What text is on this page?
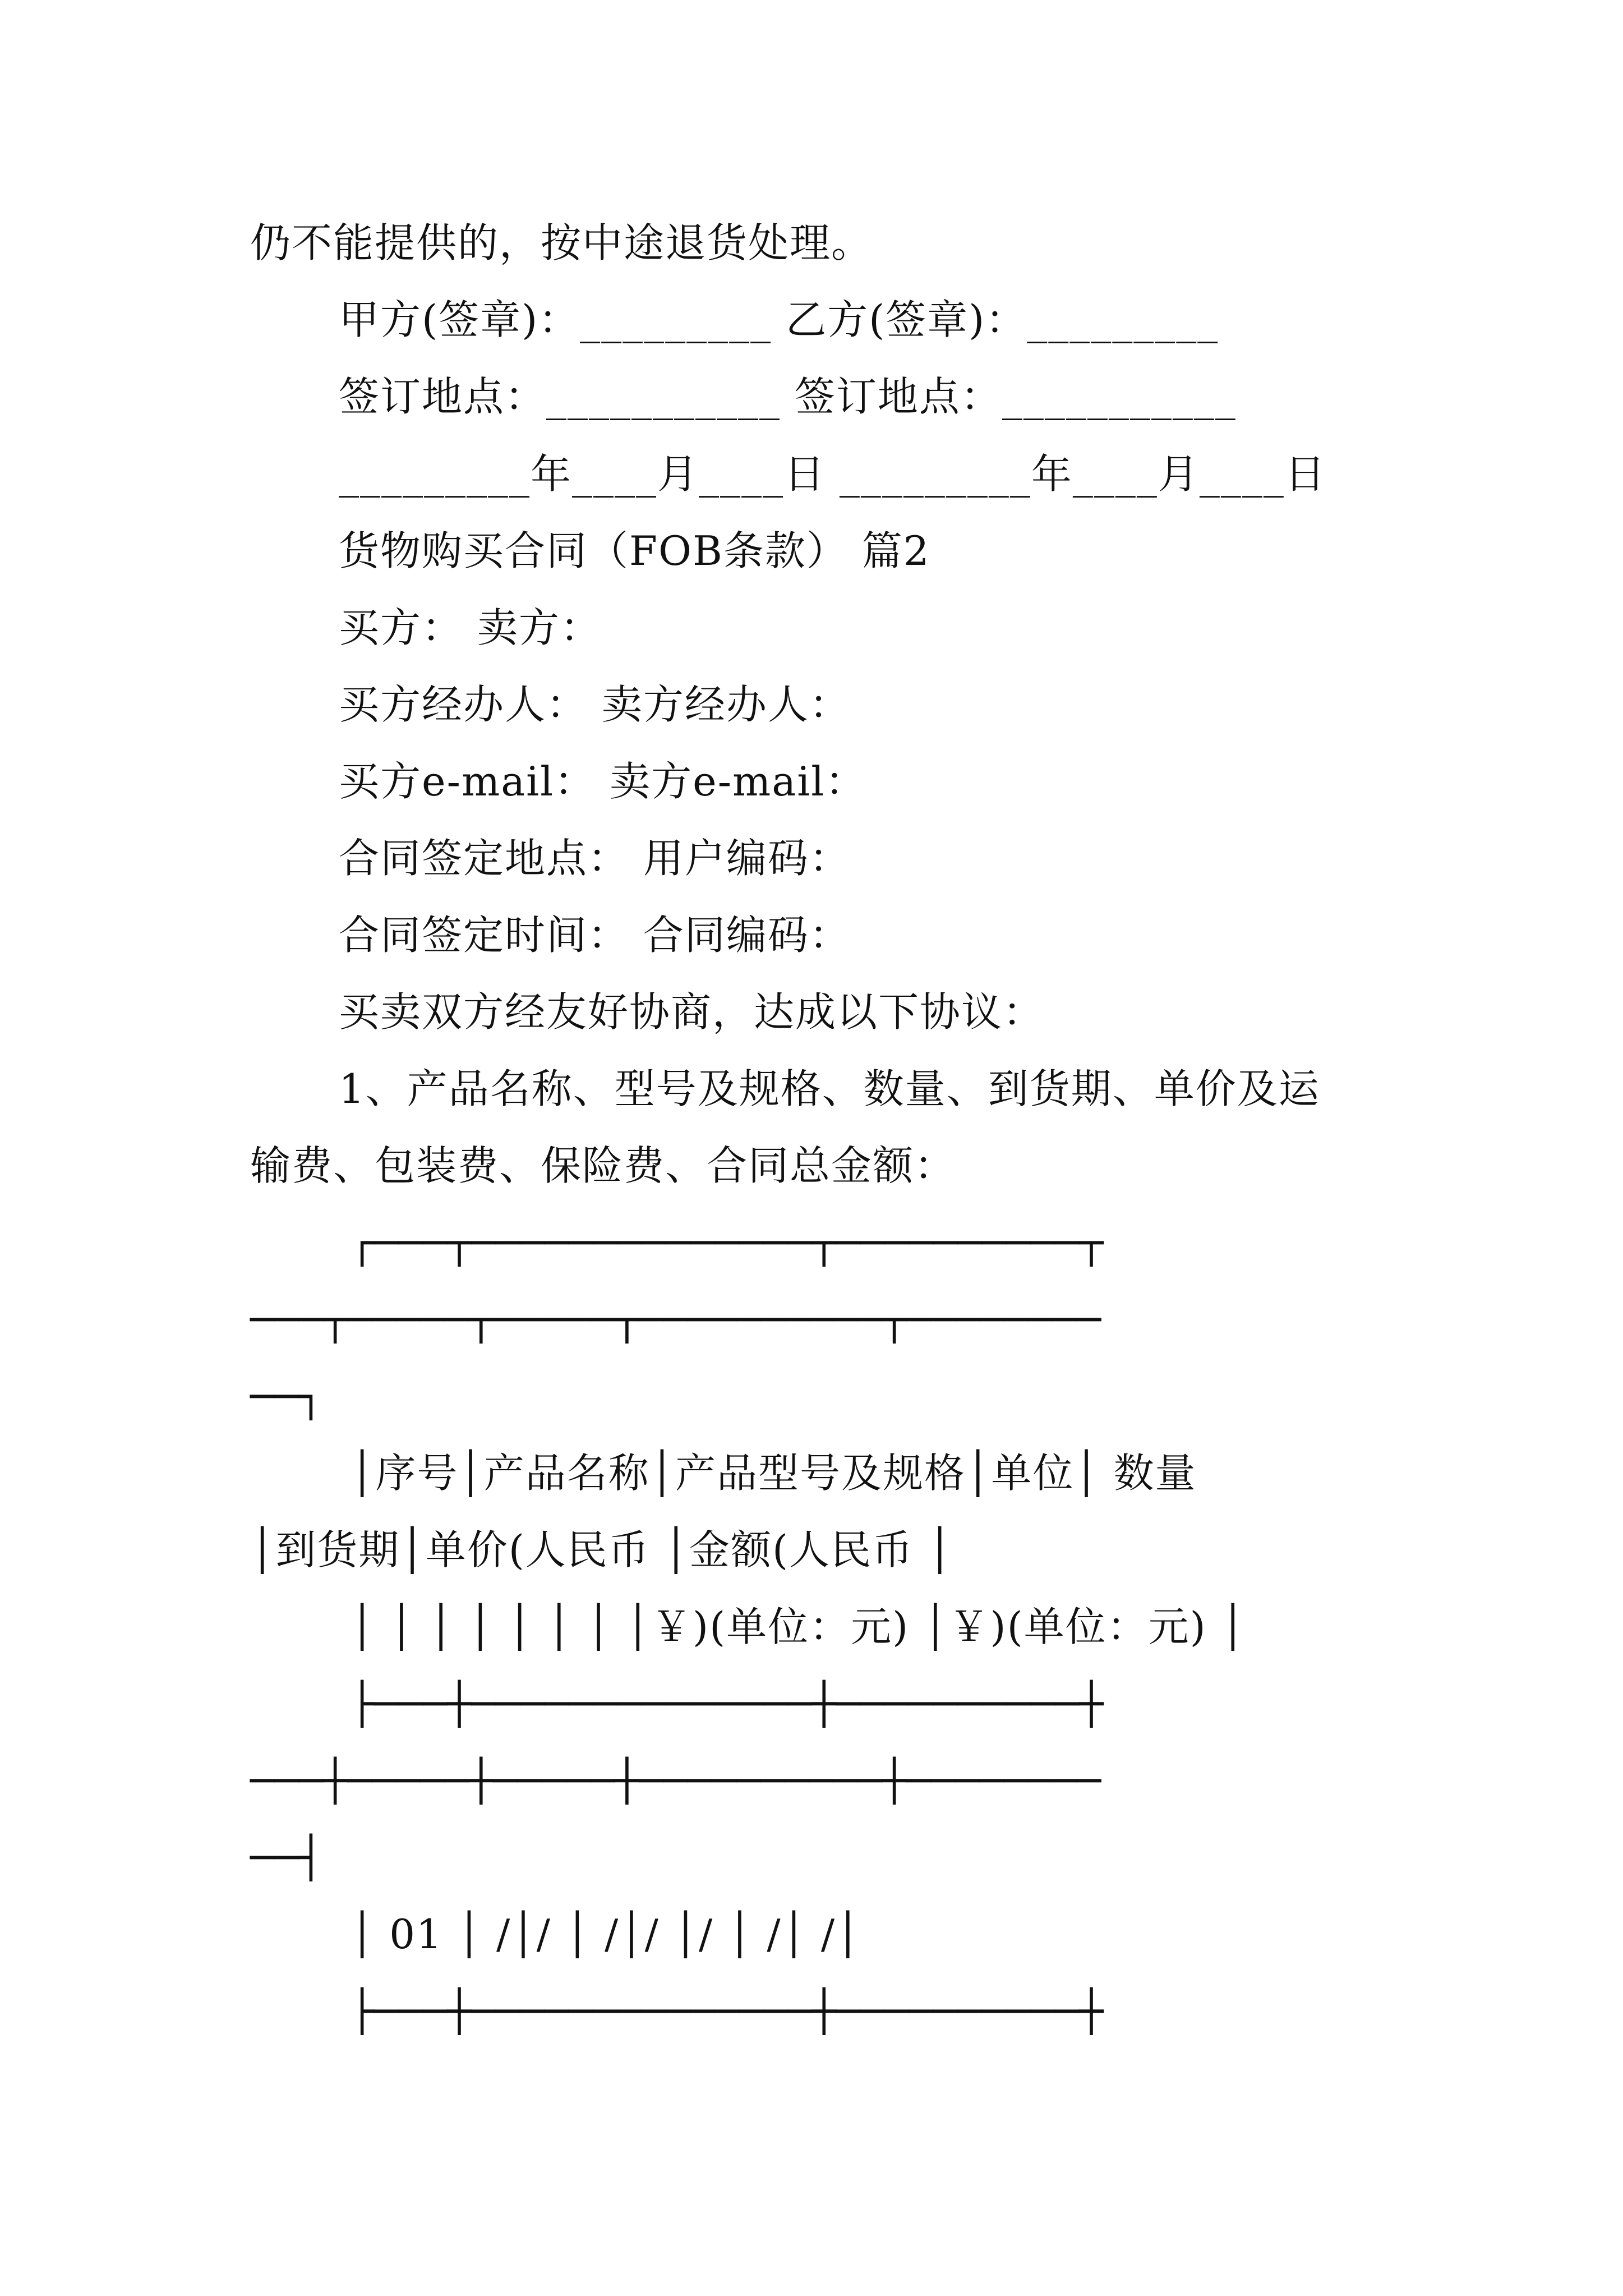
仍不能提供的，按中途退货处理。
甲方(签章)：_________ 乙方(签章)：_________
签订地点：___________ 签订地点：___________
_________年____月____日 _________年____月____日
货物购买合同（FOB条款） 篇2
买方： 卖方：
买方经办人： 卖方经办人：
买方e-mail： 卖方e-mail：
合同签定地点： 用户编码：
合同签定时间： 合同编码：
买卖双方经友好协商，达成以下协议：
1、产品名称、型号及规格、数量、到货期、单价及运
输费、包装费、保险费、合同总金额：
┌───┬──────────────┬──────────┬
───┬─────┬─────┬──────────┬────────
──┐
│序号│产品名称│产品型号及规格│单位│ 数量
│到货期│单价(人民币 │金额(人民币 │
│ │ │ │ │ │ │ │￥)(单位：元) │￥)(单位：元) │
├───┼──────────────┼──────────┼
───┼─────┼─────┼──────────┼────────
──┤
│ 01 │ /│/ │ /│/ │/ │ /│ /│
├───┼──────────────┼──────────┼
